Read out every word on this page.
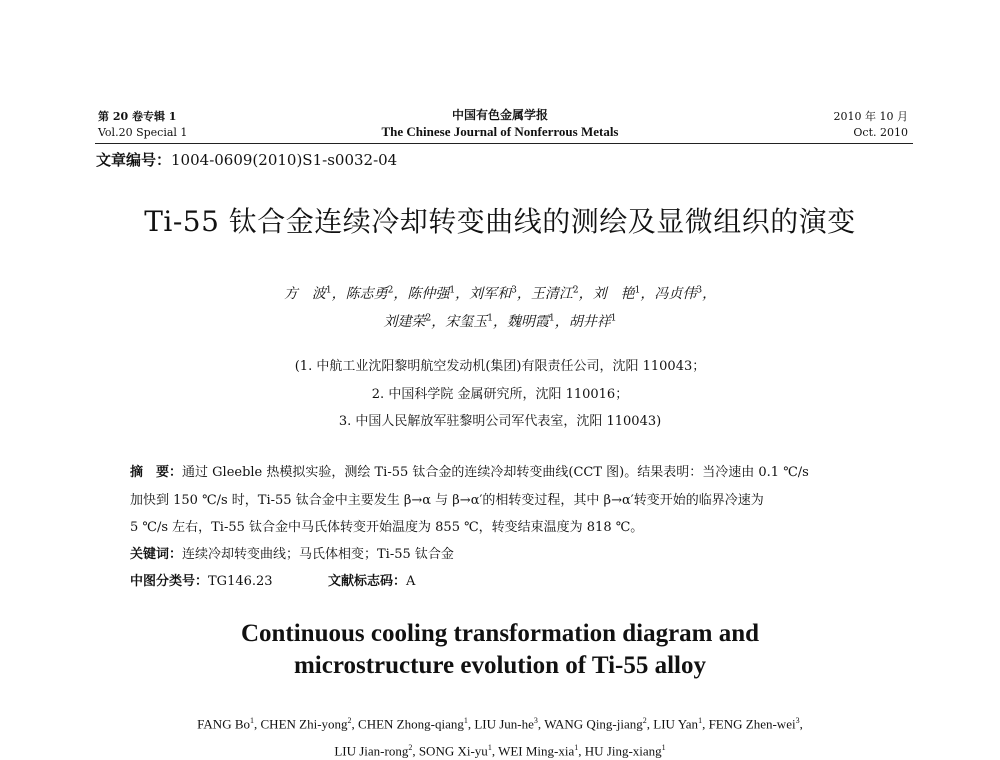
第 20 卷专辑 1
Vol.20 Special 1
中国有色金属学报
The Chinese Journal of Nonferrous Metals
2010 年 10 月
Oct. 2010
文章编号：1004-0609(2010)S1-s0032-04
Ti-55 钛合金连续冷却转变曲线的测绘及显微组织的演变
方　波$^1$，陈志勇$^2$，陈仲强$^1$，刘军和$^3$，王清江$^2$，刘　艳$^1$，冯贞伟$^3$，
刘建荣$^2$，宋玺玉$^1$，魏明霞$^1$，胡井祥$^1$
(1. 中航工业沈阳黎明航空发动机(集团)有限责任公司，沈阳 110043；
2. 中国科学院 金属研究所，沈阳 110016；
3. 中国人民解放军驻黎明公司军代表室，沈阳 110043)
摘　要：通过 Gleeble 热模拟实验，测绘 Ti-55 钛合金的连续冷却转变曲线(CCT 图)。结果表明：当冷速由 0.1 ℃/s
加快到 150 ℃/s 时，Ti-55 钛合金中主要发生 β→α 与 β→α′的相转变过程，其中 β→α′转变开始的临界冷速为
5 ℃/s 左右，Ti-55 钛合金中马氏体转变开始温度为 855 ℃，转变结束温度为 818 ℃。
关键词：连续冷却转变曲线；马氏体相变；Ti-55 钛合金
中图分类号：TG146.23	文献标志码：A
Continuous cooling transformation diagram and
microstructure evolution of Ti-55 alloy
FANG Bo$^1$, CHEN Zhi-yong$^2$, CHEN Zhong-qiang$^1$, LIU Jun-$he^3$, WANG Qing-jiang$^2$, LIU Yan$^1$, FENG Zhen-wei$^3$,
LIU Jian-rong$^2$, SONG $Xi-yu^1$, WEI Ming-xia$^1$, HU Jing-xiang$^1$
